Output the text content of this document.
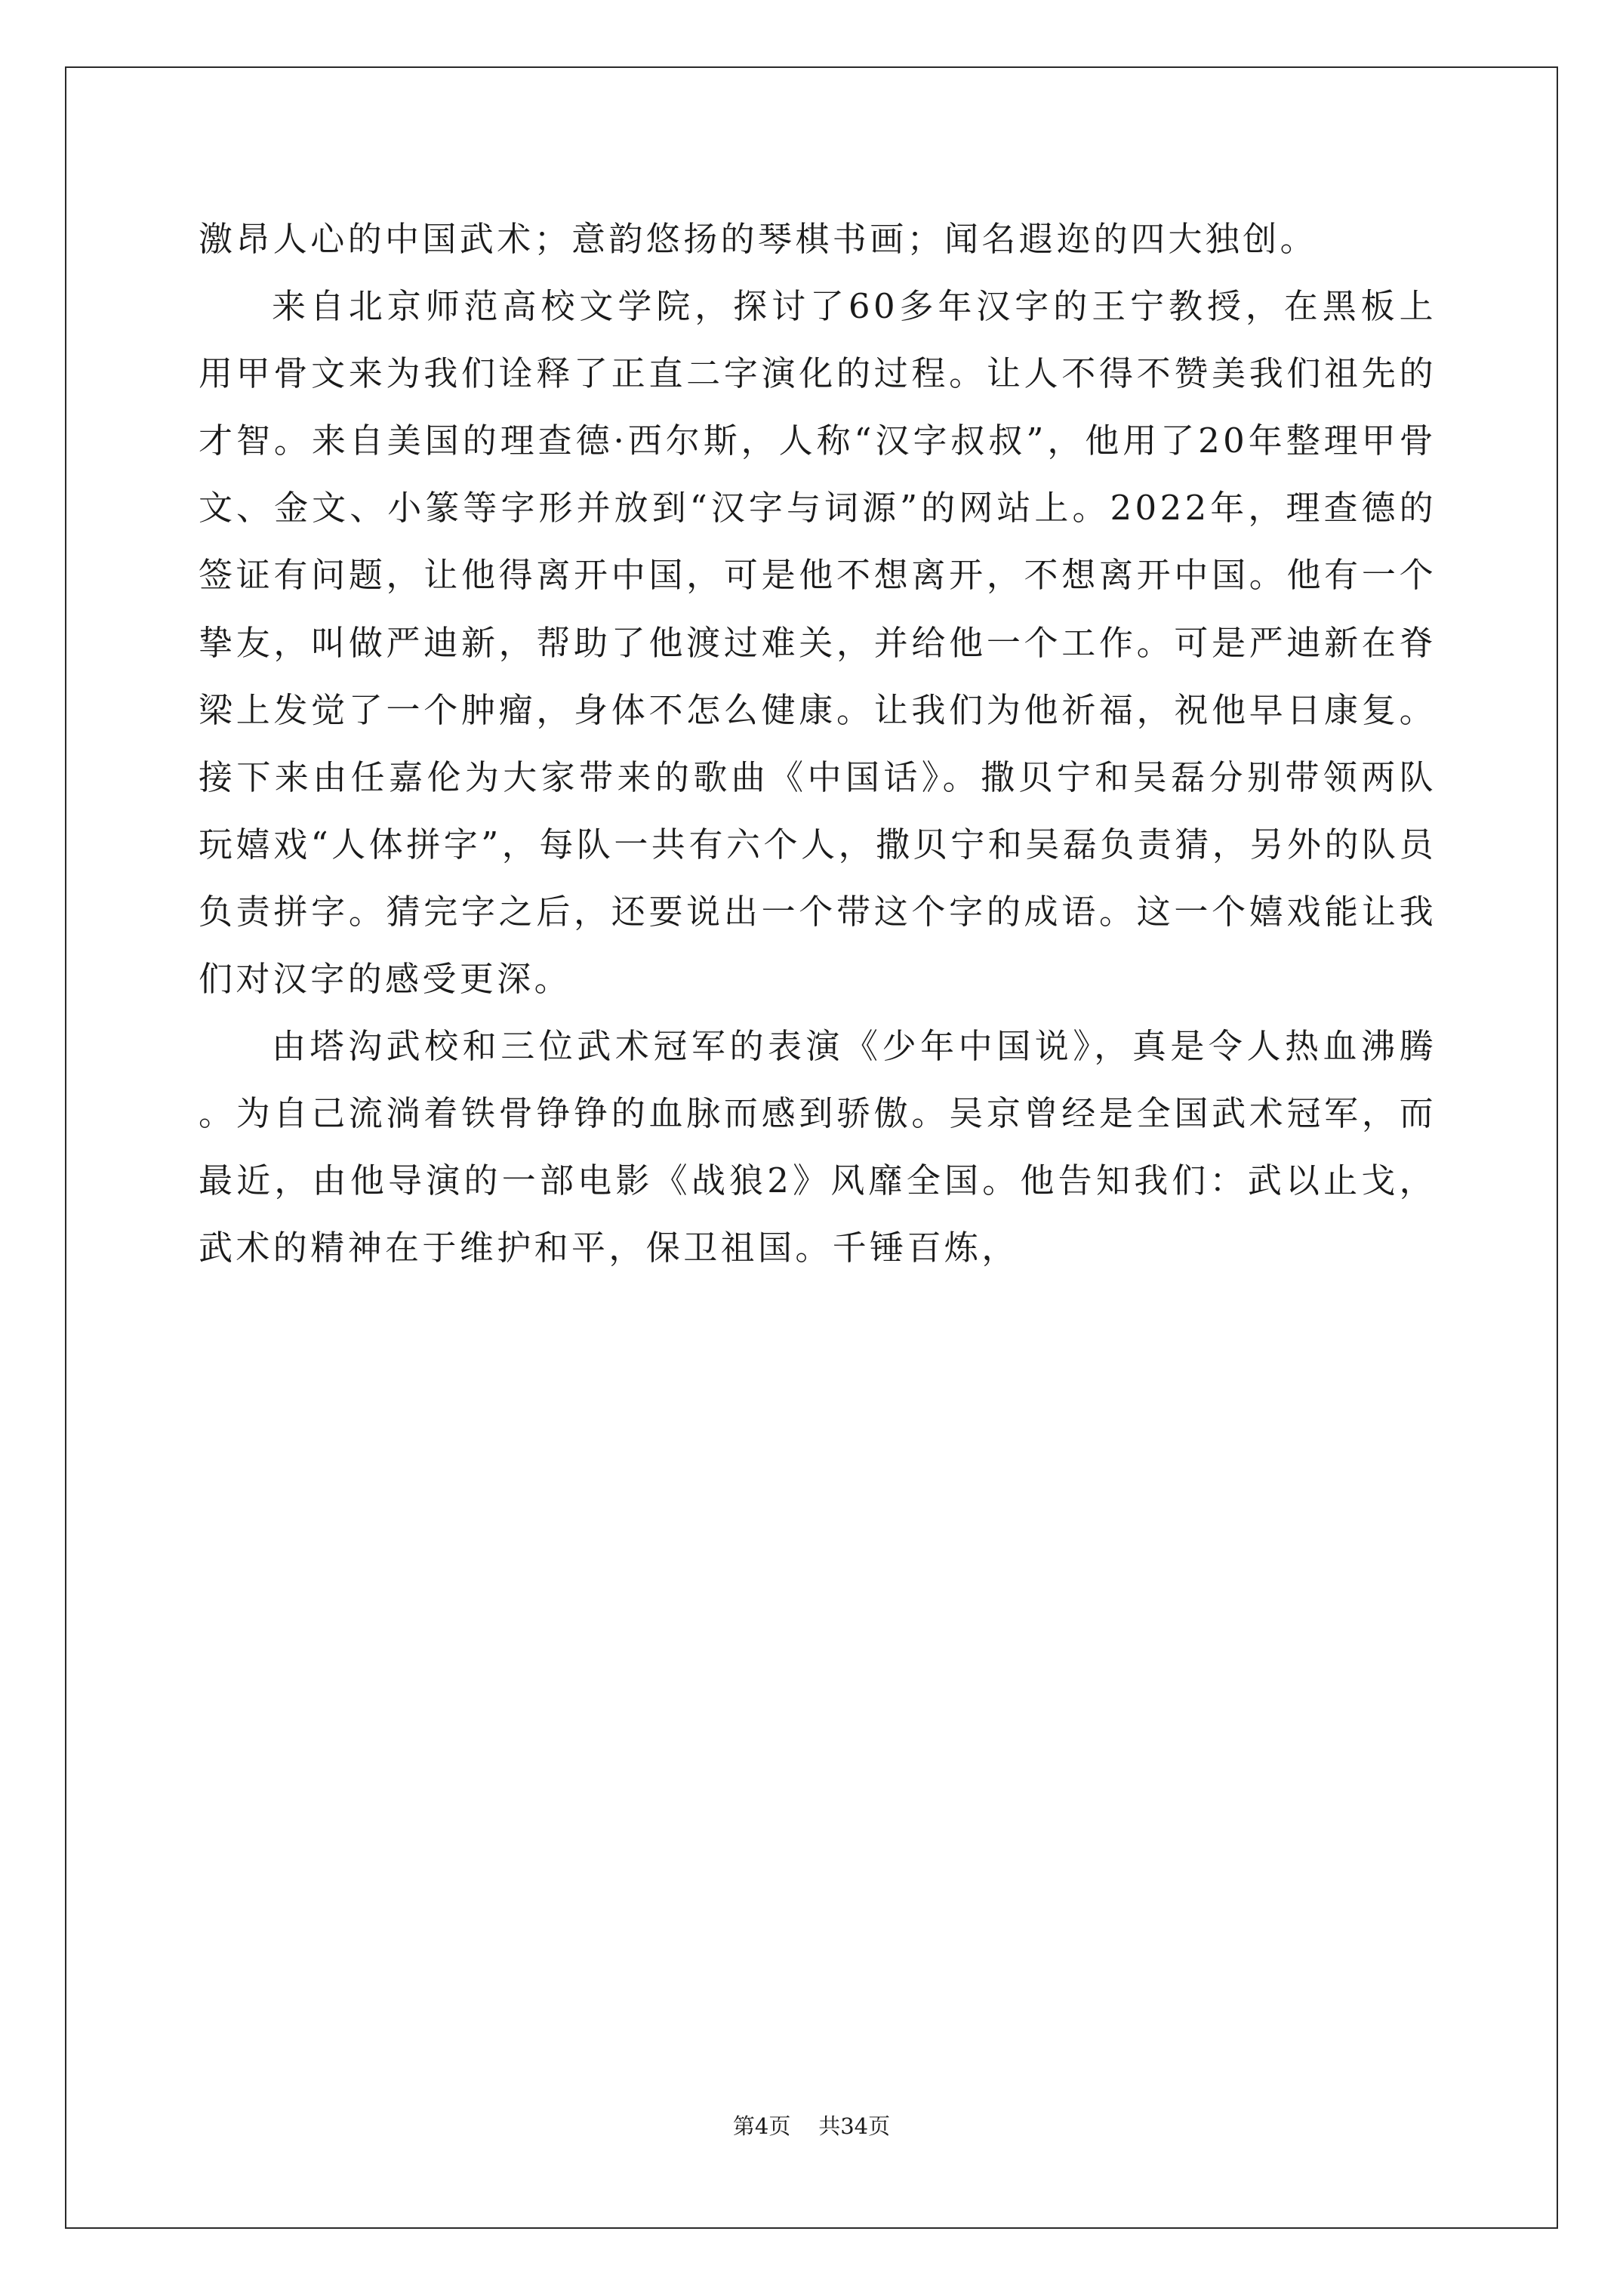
激昂人心的中国武术；意韵悠扬的琴棋书画；闻名遐迩的四大独创。

来自北京师范高校文学院，探讨了60多年汉字的王宁教授，在黑板上用甲骨文来为我们诠释了正直二字演化的过程。让人不得不赞美我们祖先的才智。来自美国的理查德·西尔斯，人称“汉字叔叔”，他用了20年整理甲骨文、金文、小篆等字形并放到“汉字与词源”的网站上。2022年，理查德的签证有问题，让他得离开中国，可是他不想离开，不想离开中国。他有一个挚友，叫做严迪新，帮助了他渡过难关，并给他一个工作。可是严迪新在脊梁上发觉了一个肿瘤，身体不怎么健康。让我们为他祈福，祝他早日康复。接下来由任嘉伦为大家带来的歌曲《中国话》。撒贝宁和吴磊分别带领两队玩嬉戏“人体拼字”，每队一共有六个人，撒贝宁和吴磊负责猜，另外的队员负责拼字。猜完字之后，还要说出一个带这个字的成语。这一个嬉戏能让我们对汉字的感受更深。

由塔沟武校和三位武术冠军的表演《少年中国说》，真是令人热血沸腾。为自己流淌着铁骨铮铮的血脉而感到骄傲。吴京曾经是全国武术冠军，而最近，由他导演的一部电影《战狼2》风靡全国。他告知我们：武以止戈，武术的精神在于维护和平，保卫祖国。千锤百炼，

第4页 共34页
